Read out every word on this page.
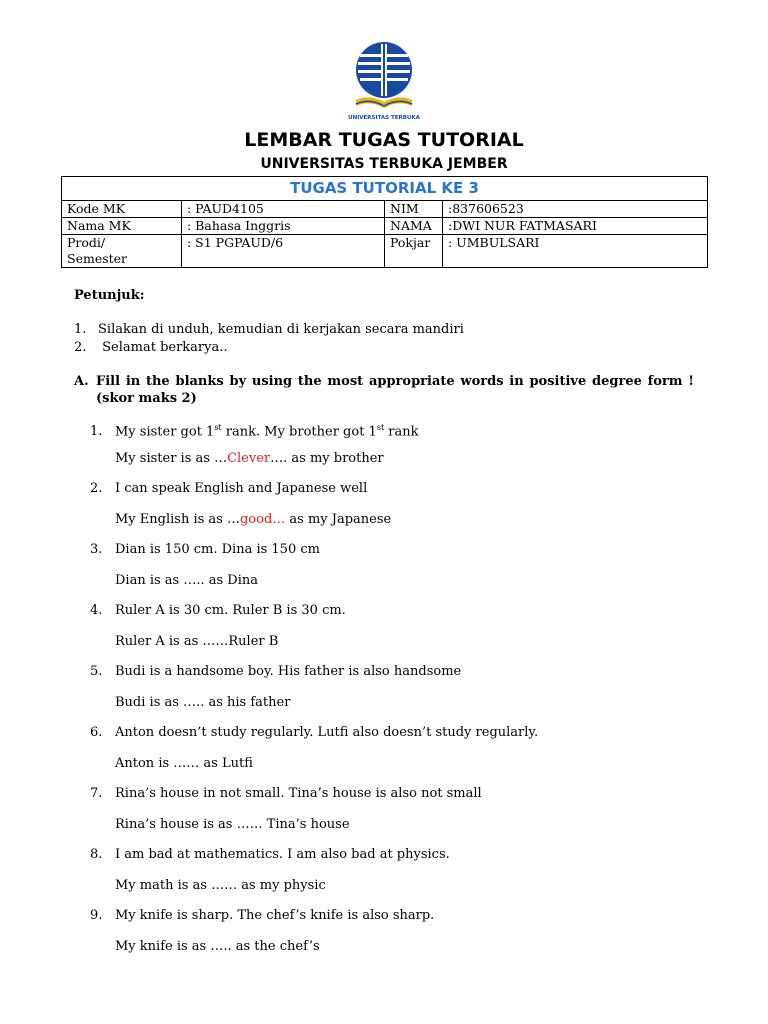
UNIVERSITAS TERBUKA
LEMBAR TUGAS TUTORIAL
UNIVERSITAS TERBUKA JEMBER
TUGAS TUTORIAL KE 3			
Kode MK	: PAUD4105	NIM	:837606523
Nama MK	: Bahasa Inggris	NAMA	:DWI NUR FATMASARI
Prodi/
Semester	: S1 PGPAUD/6	Pokjar	: UMBULSARI
Petunjuk:
1. Silakan di unduh, kemudian di kerjakan secara mandiri
2. Selamat berkarya..
A. Fill in the blanks by using the most appropriate words in positive degree form ! (skor maks 2)
1. My sister got 1st rank. My brother got 1st rank
My sister is as …Clever…. as my brother
2. I can speak English and Japanese well
My English is as …good… as my Japanese
3. Dian is 150 cm. Dina is 150 cm
Dian is as ….. as Dina
4. Ruler A is 30 cm. Ruler B is 30 cm.
Ruler A is as ……Ruler B
5. Budi is a handsome boy. His father is also handsome
Budi is as ….. as his father
6. Anton doesn’t study regularly. Lutfi also doesn’t study regularly.
Anton is …… as Lutfi
7. Rina’s house in not small. Tina’s house is also not small
Rina’s house is as …… Tina’s house
8. I am bad at mathematics. I am also bad at physics.
My math is as …… as my physic
9. My knife is sharp. The chef’s knife is also sharp.
My knife is as ….. as the chef’s
